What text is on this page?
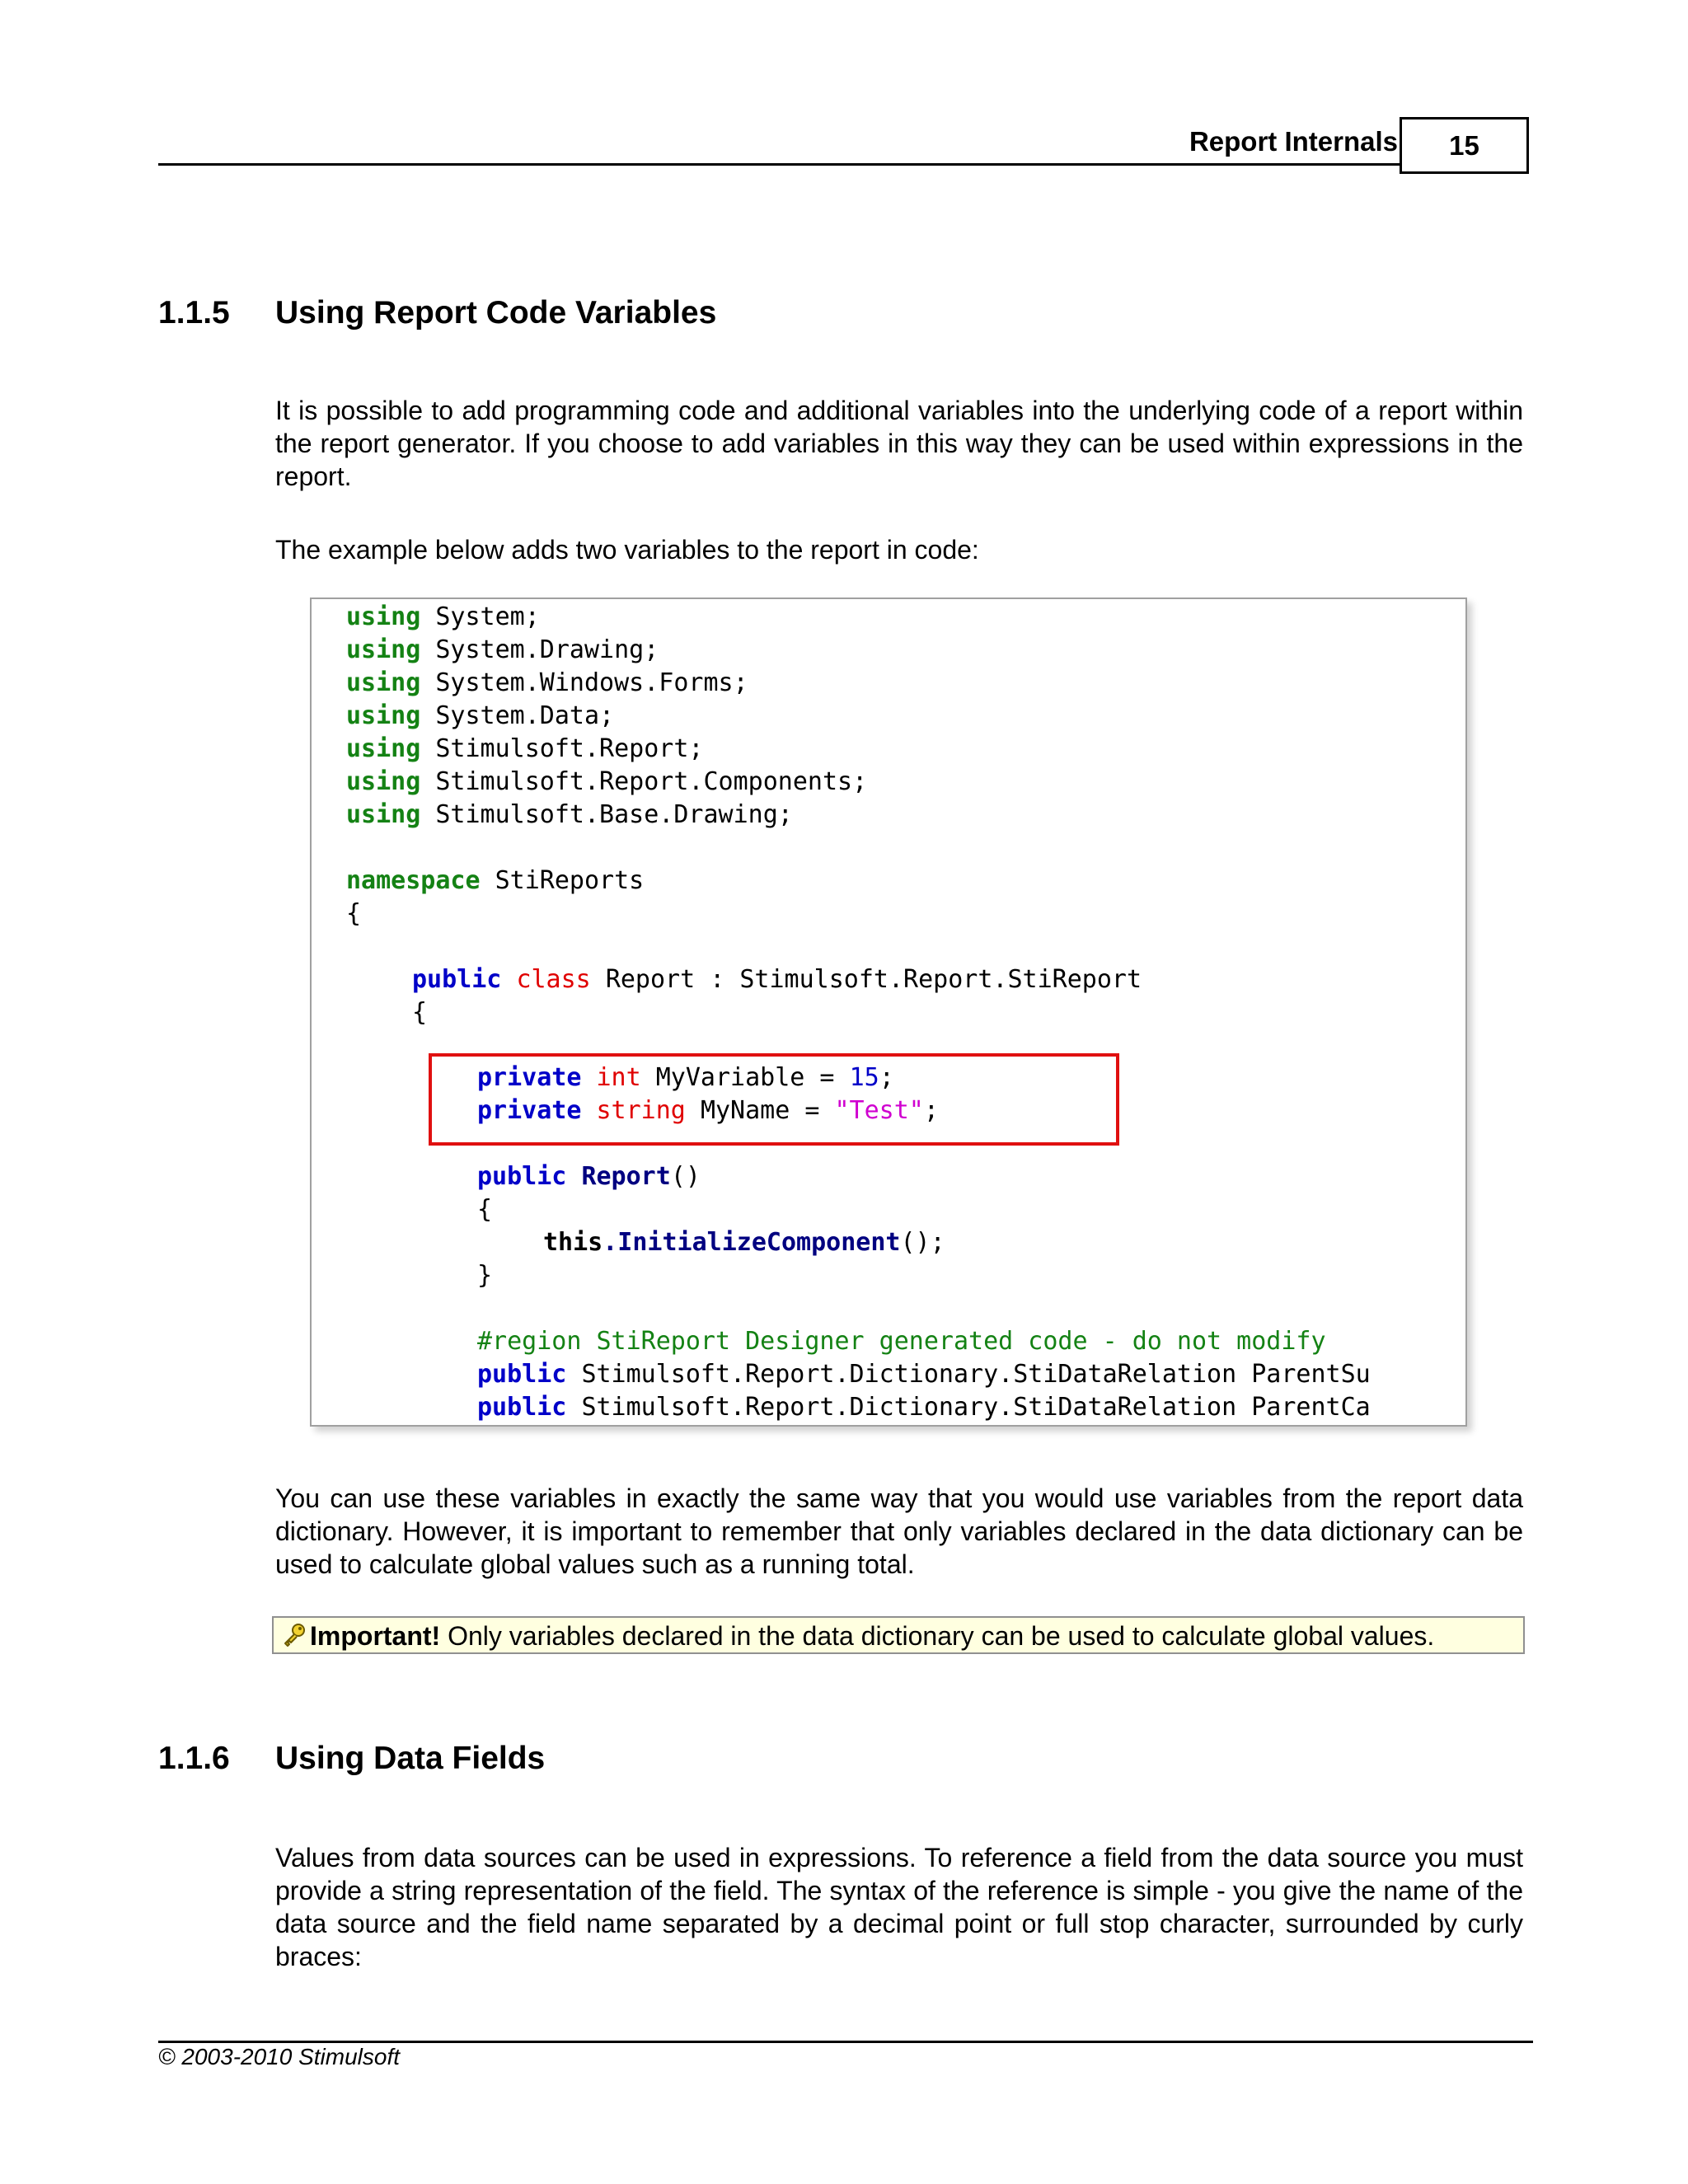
Report Internals	15
1.1.5 Using Report Code Variables
It is possible to add programming code and additional variables into the underlying code of a report within the report generator. If you choose to add variables in this way they can be used within expressions in the report.
The example below adds two variables to the report in code:
using System;
using System.Drawing;
using System.Windows.Forms;
using System.Data;
using Stimulsoft.Report;
using Stimulsoft.Report.Components;
using Stimulsoft.Base.Drawing;
namespace StiReports
{
public class Report : Stimulsoft.Report.StiReport
{
private int MyVariable = 15;
private string MyName = "Test";
public Report()
{
this.InitializeComponent();
}
#region StiReport Designer generated code - do not modify
public Stimulsoft.Report.Dictionary.StiDataRelation ParentSu
public Stimulsoft.Report.Dictionary.StiDataRelation ParentCa
You can use these variables in exactly the same way that you would use variables from the report data dictionary. However, it is important to remember that only variables declared in the data dictionary can be used to calculate global values such as a running total.
Important! Only variables declared in the data dictionary can be used to calculate global values.
1.1.6 Using Data Fields
Values from data sources can be used in expressions. To reference a field from the data source you must provide a string representation of the field. The syntax of the reference is simple - you give the name of the data source and the field name separated by a decimal point or full stop character, surrounded by curly braces:
© 2003-2010 Stimulsoft
